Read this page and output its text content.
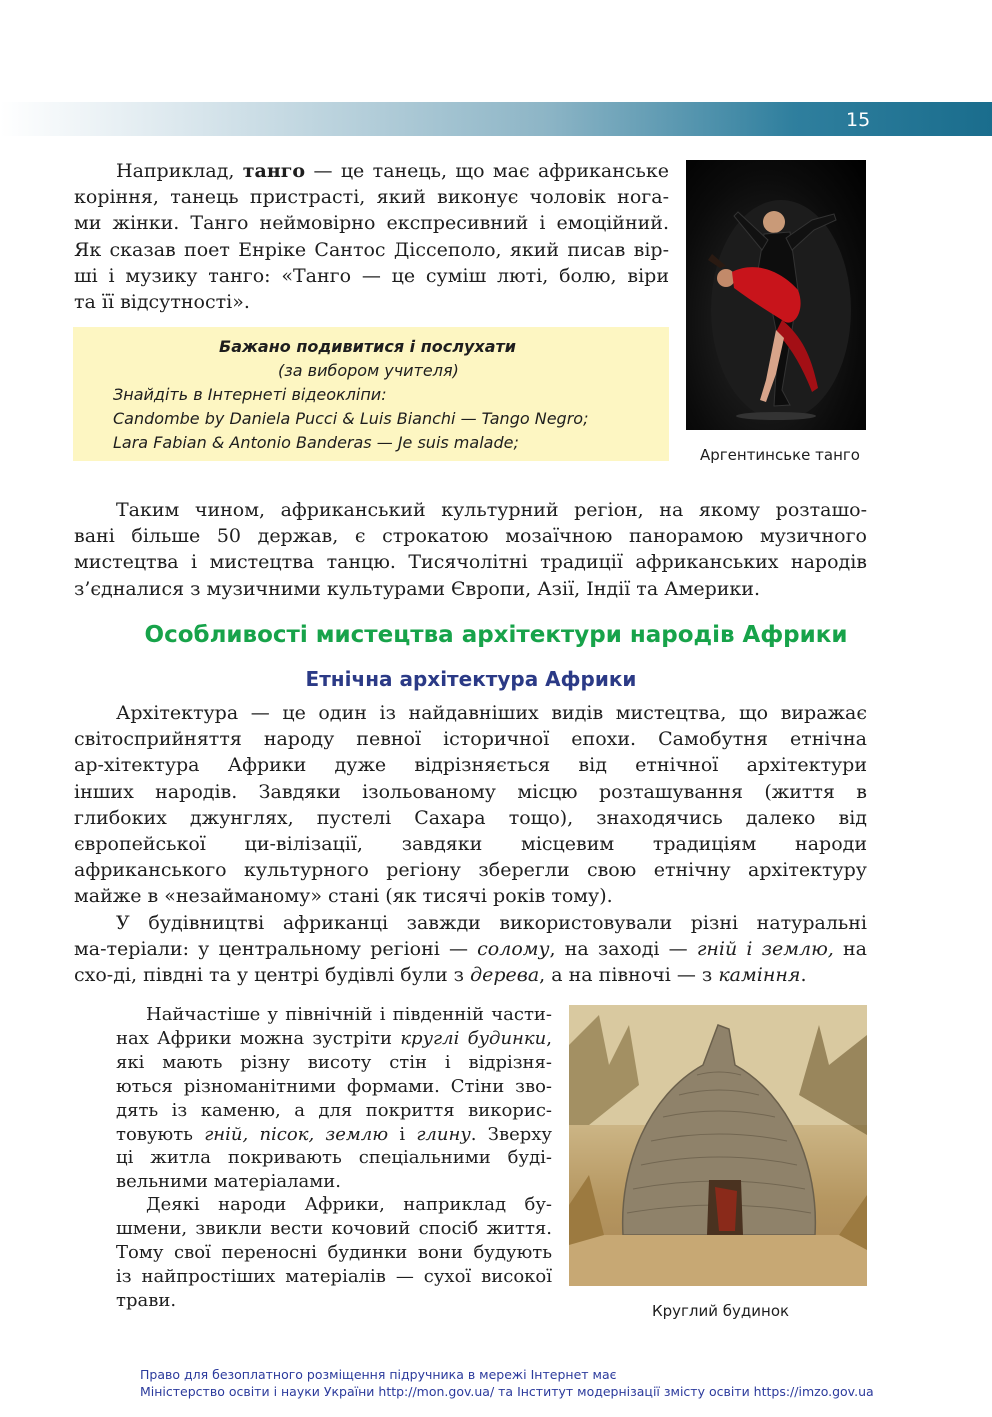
15
Наприклад, танго — це танець, що має африканське
коріння, танець пристрасті, який виконує чоловік нога-
ми жінки. Танго неймовірно експресивний і емоційний.
Як сказав поет Енріке Сантос Діссеполо, який писав вір-
ші і музику танго: «Танго — це суміш люті, болю, віри
та її відсутності».
Аргентинське танго
Бажано подивитися і послухати
(за вибором учителя)
Знайдіть в Інтернеті відеокліпи:
Candombe by Daniela Pucci & Luis Bianchi — Tango Negro;
Lara Fabian & Antonio Banderas — Je suis malade;
Таким чином, африканський культурний регіон, на якому розташо-
вані більше 50 держав, є строкатою мозаїчною панорамою музичного
мистецтва і мистецтва танцю. Тисячолітні традиції африканських народів
з’єдналися з музичними культурами Європи, Азії, Індії та Америки.
Особливості мистецтва архітектури народів Африки
Етнічна архітектура Африки
Архітектура — це один із найдавніших видів мистецтва, що виражає
світосприйняття народу певної історичної епохи. Самобутня етнічна
ар-хітектура Африки дуже відрізняється від етнічної архітектури
інших народів. Завдяки ізольованому місцю розташування (життя в
глибоких джунглях, пустелі Сахара тощо), знаходячись далеко від
європейської ци-вілізації, завдяки місцевим традиціям народи
африканського культурного регіону зберегли свою етнічну архітектуру
майже в «незайманому» стані (як тисячі років тому).
У будівництві африканці завжди використовували різні натуральні
ма-теріали: у центральному регіоні — солому, на заході — гній і землю, на
схо-ді, півдні та у центрі будівлі були з дерева, а на півночі — з каміння.
Найчастіше у північній і південній части-
нах Африки можна зустріти круглі будинки,
які мають різну висоту стін і відрізня-
ються різноманітними формами. Стіни зво-
дять із каменю, а для покриття викорис-
товують гній, пісок, землю і глину. Зверху
ці житла покривають спеціальними буді-
вельними матеріалами.
Деякі народи Африки, наприклад бу-
шмени, звикли вести кочовий спосіб життя.
Тому свої переносні будинки вони будують
із найпростіших матеріалів — сухої високої
трави.
Круглий будинок
Право для безоплатного розміщення підручника в мережі Інтернет має
Міністерство освіти і науки України http://mon.gov.ua/ та Інститут модернізації змісту освіти https://imzo.gov.ua
